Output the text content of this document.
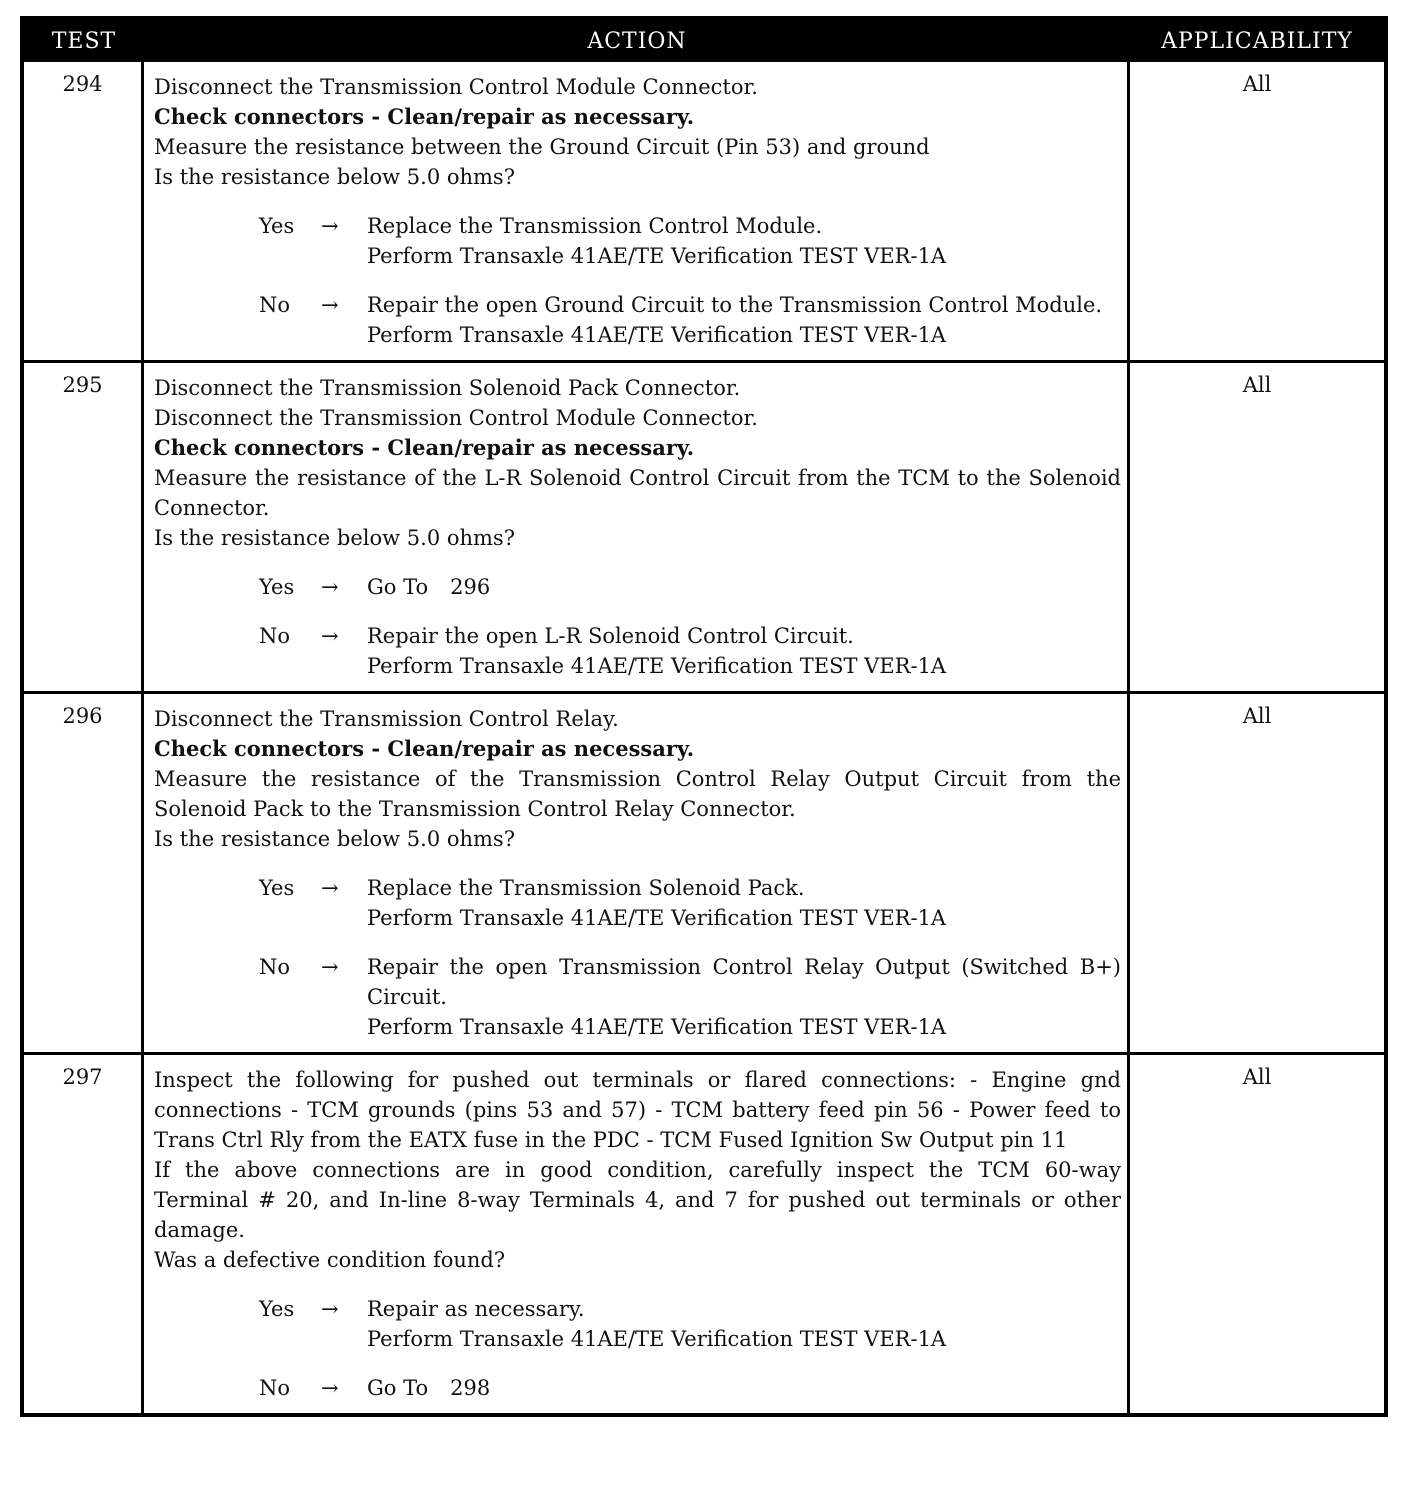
TEST	ACTION	APPLICABILITY
294	Disconnect the Transmission Control Module Connector.
Check connectors - Clean/repair as necessary.
Measure the resistance between the Ground Circuit (Pin 53) and ground
Is the resistance below 5.0 ohms?
Yes	→	Replace the Transmission Control Module.
Perform Transaxle 41AE/TE Verification TEST VER-1A
No	→	Repair the open Ground Circuit to the Transmission Control Module.
Perform Transaxle 41AE/TE Verification TEST VER-1A
All
295	Disconnect the Transmission Solenoid Pack Connector.
Disconnect the Transmission Control Module Connector.
Check connectors - Clean/repair as necessary.
Measure the resistance of the L-R Solenoid Control Circuit from the TCM to the Solenoid Connector.
Is the resistance below 5.0 ohms?
Yes	→	Go To 296
No	→	Repair the open L-R Solenoid Control Circuit.
Perform Transaxle 41AE/TE Verification TEST VER-1A
All
296	Disconnect the Transmission Control Relay.
Check connectors - Clean/repair as necessary.
Measure the resistance of the Transmission Control Relay Output Circuit from the Solenoid Pack to the Transmission Control Relay Connector.
Is the resistance below 5.0 ohms?
Yes	→	Replace the Transmission Solenoid Pack.
Perform Transaxle 41AE/TE Verification TEST VER-1A
No	→	Repair the open Transmission Control Relay Output (Switched B+) Circuit.
Perform Transaxle 41AE/TE Verification TEST VER-1A
All
297	Inspect the following for pushed out terminals or flared connections: - Engine gnd connections - TCM grounds (pins 53 and 57) - TCM battery feed pin 56 - Power feed to Trans Ctrl Rly from the EATX fuse in the PDC - TCM Fused Ignition Sw Output pin 11
If the above connections are in good condition, carefully inspect the TCM 60-way Terminal # 20, and In-line 8-way Terminals 4, and 7 for pushed out terminals or other damage.
Was a defective condition found?
Yes	→	Repair as necessary.
Perform Transaxle 41AE/TE Verification TEST VER-1A
No	→	Go To 298
All
